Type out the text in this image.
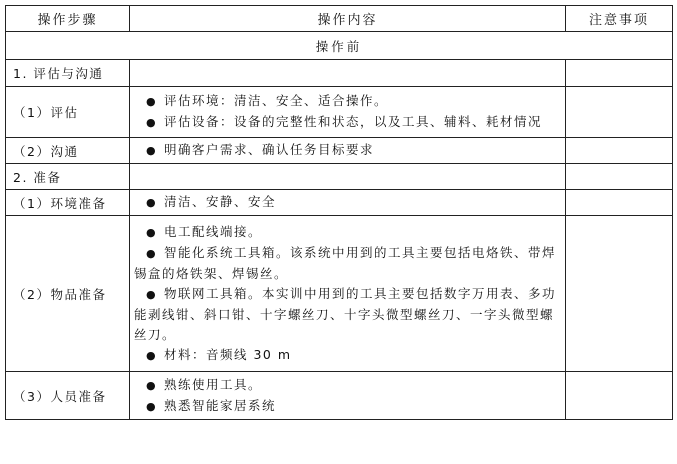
操作步骤	操作内容	注意事项
操作前		
1. 评估与沟通		
（1）评估	● 评估环境：清洁、安全、适合操作。

● 评估设备：设备的完整性和状态，以及工具、辅料、耗材情况	

（2）沟通	● 明确客户需求、确认任务目标要求	

2. 准备		
（1）环境准备	● 清洁、安静、安全	

（2）物品准备	● 电工配线端接。

● 智能化系统工具箱。该系统中用到的工具主要包括电烙铁、带焊锡盒的烙铁架、焊锡丝。

● 物联网工具箱。本实训中用到的工具主要包括数字万用表、多功能剥线钳、斜口钳、十字螺丝刀、十字头微型螺丝刀、一字头微型螺丝刀。

● 材料：音频线 30 m	

（3）人员准备	● 熟练使用工具。

● 熟悉智能家居系统	
